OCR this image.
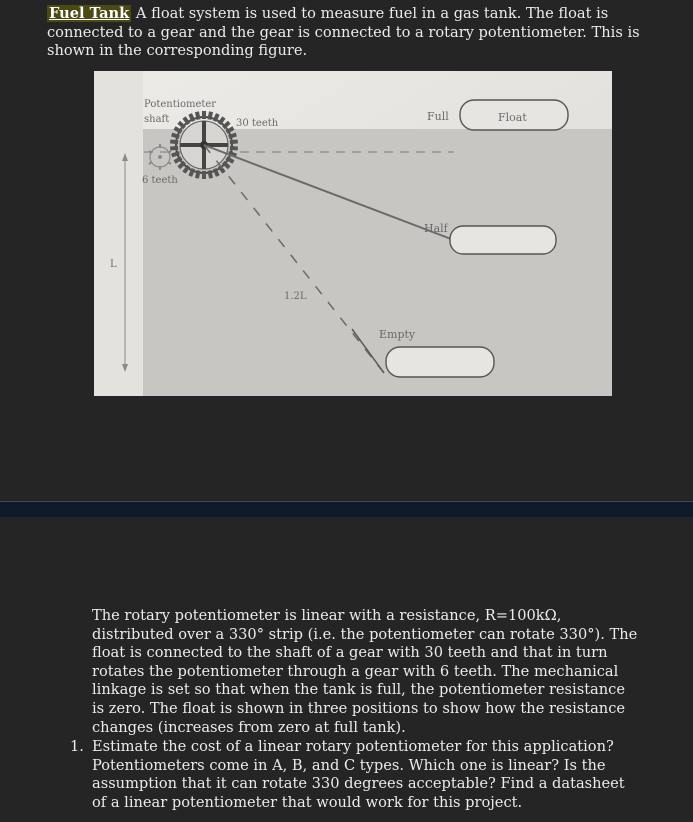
Fuel Tank A float system is used to measure fuel in a gas tank. The float is connected to a gear and the gear is connected to a rotary potentiometer. This is shown in the corresponding figure.
L
Potentiometer
shaft	30 teeth
6 teeth
1.2L
Float
Full
Half
Empty
The rotary potentiometer is linear with a resistance, R=100kΩ, distributed over a 330° strip (i.e. the potentiometer can rotate 330°). The float is connected to the shaft of a gear with 30 teeth and that in turn rotates the potentiometer through a gear with 6 teeth. The mechanical linkage is set so that when the tank is full, the potentiometer resistance is zero. The float is shown in three positions to show how the resistance changes (increases from zero at full tank).
1. Estimate the cost of a linear rotary potentiometer for this application? Potentiometers come in A, B, and C types. Which one is linear? Is the assumption that it can rotate 330 degrees acceptable? Find a datasheet of a linear potentiometer that would work for this project.
